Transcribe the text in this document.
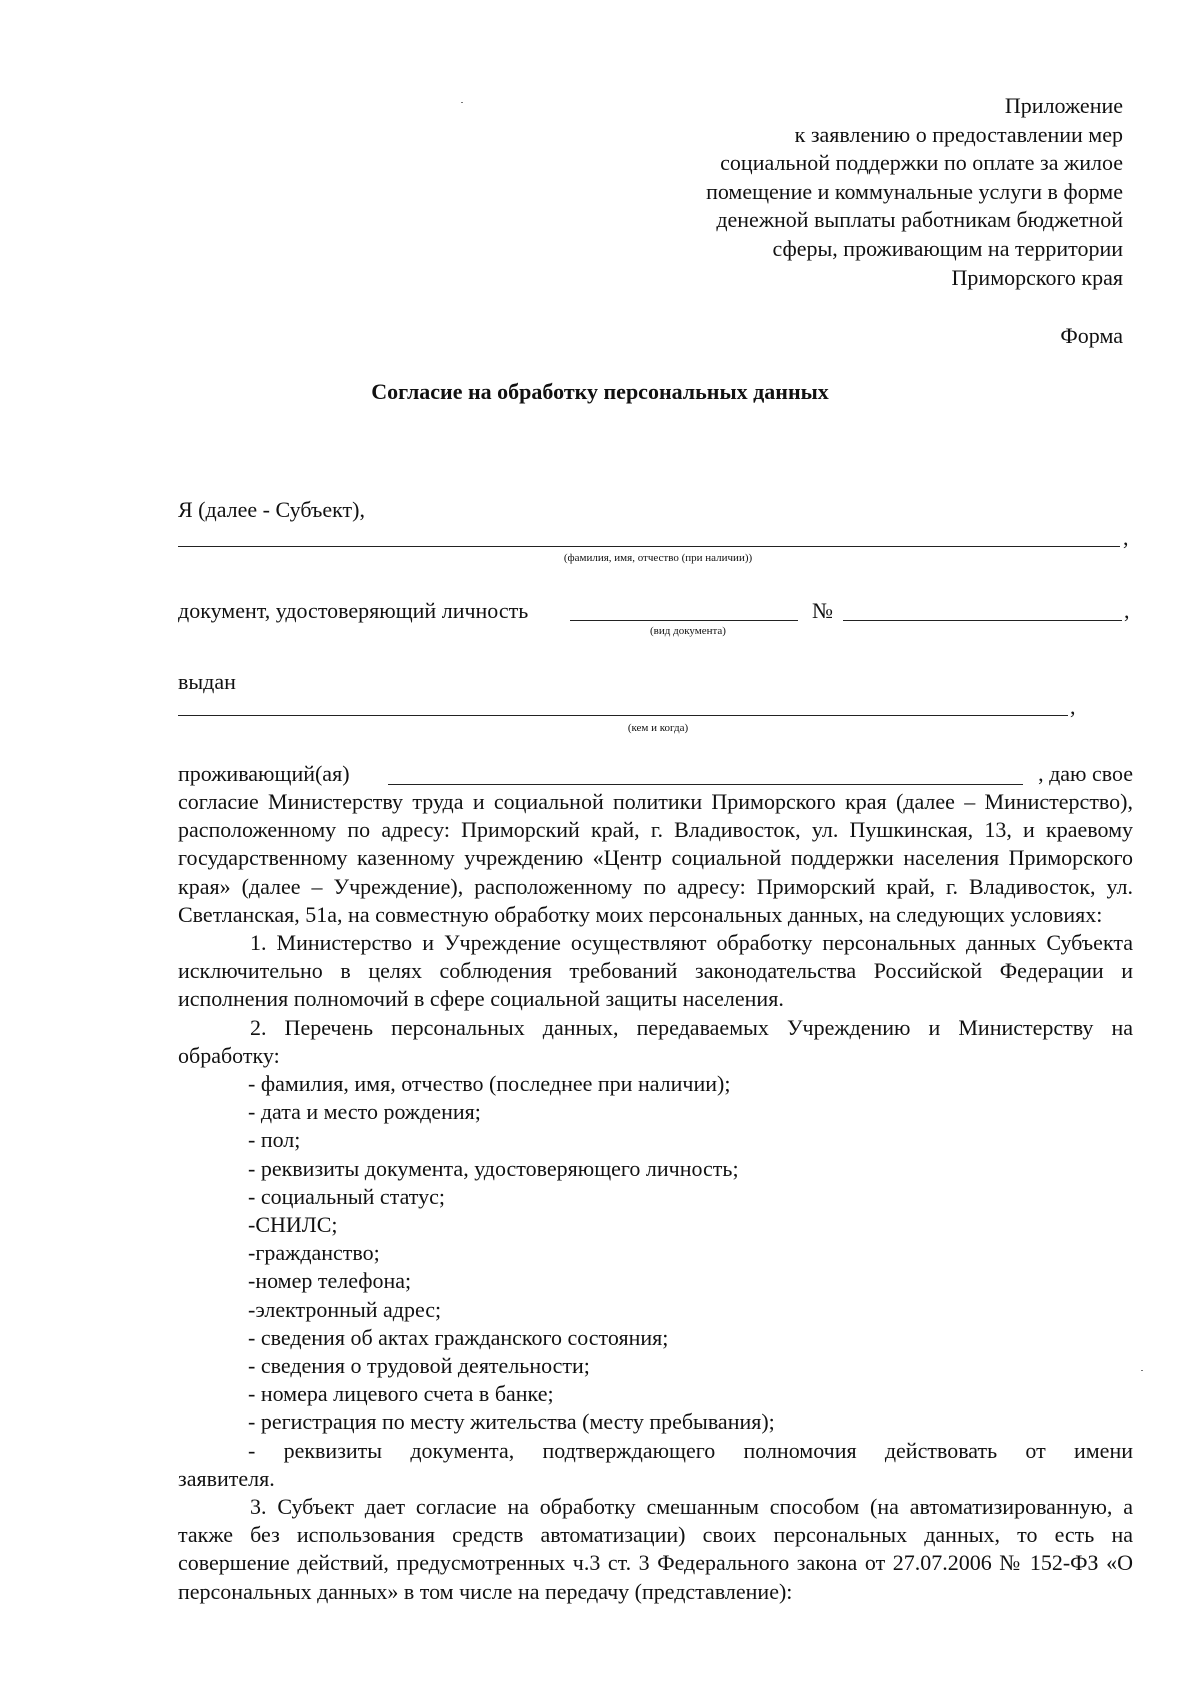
Приложение
к заявлению о предоставлении мер
социальной поддержки по оплате за жилое
помещение и коммунальные услуги в форме
денежной выплаты работникам бюджетной
сферы, проживающим на территории
Приморского края
Форма
Согласие на обработку персональных данных
Я (далее - Субъект),
,
(фамилия, имя, отчество (при наличии))
документ, удостоверяющий личность
(вид документа)
№	,
выдан
,
(кем и когда)
проживающий(ая)	, даю свое

согласие Министерству труда и социальной политики Приморского края (далее – Министерство), расположенному по адресу: Приморский край, г. Владивосток, ул. Пушкинская, 13, и краевому государственному казенному учреждению «Центр социальной поддержки населения Приморского края» (далее – Учреждение), расположенному по адресу: Приморский край, г. Владивосток, ул. Светланская, 51а, на совместную обработку моих персональных данных, на следующих условиях:

1. Министерство и Учреждение осуществляют обработку персональных данных Субъекта исключительно в целях соблюдения требований законодательства Российской Федерации и исполнения полномочий в сфере социальной защиты населения.

2. Перечень персональных данных, передаваемых Учреждению и Министерству на обработку:

- фамилия, имя, отчество (последнее при наличии);
- дата и место рождения;
- пол;
- реквизиты документа, удостоверяющего личность;
- социальный статус;
-СНИЛС;
-гражданство;
-номер телефона;
-электронный адрес;
- сведения об актах гражданского состояния;
- сведения о трудовой деятельности;
- номера лицевого счета в банке;
- регистрация по месту жительства (месту пребывания);
- реквизиты документа, подтверждающего полномочия действовать от имени
заявителя.

3. Субъект дает согласие на обработку смешанным способом (на автоматизированную, а также без использования средств автоматизации) своих персональных данных, то есть на совершение действий, предусмотренных ч.3 ст. 3 Федерального закона от 27.07.2006 № 152-ФЗ «О персональных данных» в том числе на передачу (представление):
